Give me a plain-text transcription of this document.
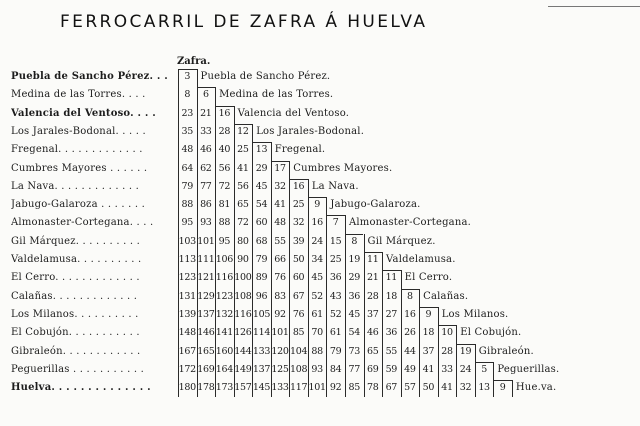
FERROCARRIL DE ZAFRA Á HUELVA
Zafra.
Puebla de Sancho Pérez. . .	3	Puebla de Sancho Pérez.
Medina de las Torres. . . .	8	6	Medina de las Torres.
Valencia del Ventoso. . . .	23 21 16 Valencia del Ventoso.
Los Jarales-Bodonal. . . . .	35 33 28 12 Los Jarales-Bodonal.
Fregenal. . . . . . . . . . . . .	48 46 40 25 13 Fregenal.
Cumbres Mayores . . . . . .	64 62 56 41 29 17 Cumbres Mayores.
La Nava. . . . . . . . . . . . .	79 77 72 56 45 32 16 La Nava.
Jabugo-Galaroza . . . . . . .	88 86 81 65 54 41 25	9	Jabugo-Galaroza.
Almonaster-Cortegana. . . .	95 93 88 72 60 48 32 16	7	Almonaster-Cortegana.
Gil Márquez. . . . . . . . . .	103 101 95 80 68 55 39 24 15	8	Gil Márquez.
Valdelamusa. . . . . . . . . .	113 111 106 90 79 66 50 34 25 19 11 Valdelamusa.
El Cerro. . . . . . . . . . . . .	123 121 116 100 89 76 60 45 36 29 21 11 El Cerro.
Calañas. . . . . . . . . . . . .	131 129 123 108 96 83 67 52 43 36 28 18	8	Calañas.
Los Milanos. . . . . . . . . .	139 137 132 116 105 92 76 61 52 45 37 27 16	9	Los Milanos.
El Cobujón. . . . . . . . . . .	148 146 141 126 114 101 85 70 61 54 46 36 26 18 10 El Cobujón.
Gibraleón. . . . . . . . . . . .	167 165 160 144 133 120 104 88 79 73 65 55 44 37 28 19 Gibraleón.
Peguerillas . . . . . . . . . . .	172 169 164 149 137 125 108 93 84 77 69 59 49 41 33 24	5	Peguerillas.
Huelva. . . . . . . . . . . . . .	180 178 173 157 145 133 117 101 92 85 78 67 57 50 41 32 13	9	Hue.va.
